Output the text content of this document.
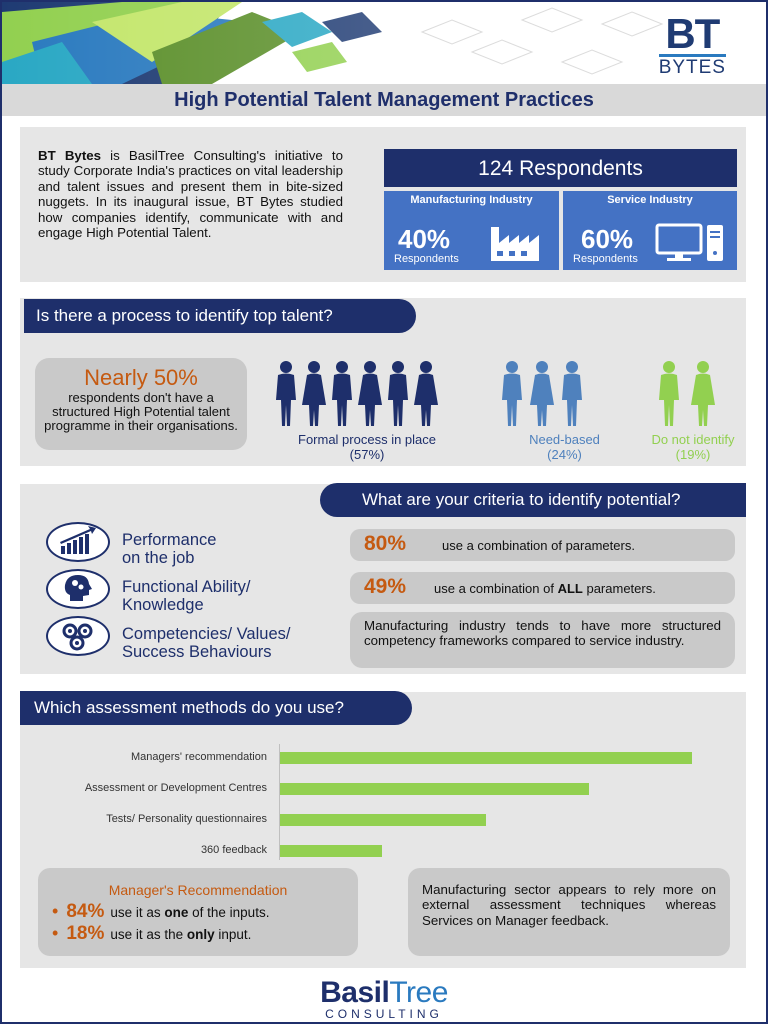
BT
BYTES
High Potential Talent Management Practices
BT Bytes is BasilTree Consulting's initiative to study Corporate India's practices on vital leadership and talent issues and present them in bite-sized nuggets. In its inaugural issue, BT Bytes studied how companies identify, communicate with and engage High Potential Talent.
124 Respondents
Manufacturing Industry
40%
Respondents
Service Industry
60%
Respondents
Is there a process to identify top talent?
Nearly 50%
respondents don't have a structured High Potential talent programme in their organisations.
Formal process in place
(57%)
Need-based
(24%)
Do not identify
(19%)
What are your criteria to identify potential?
Performance
on the job
Functional Ability/
Knowledge
Competencies/ Values/
Success Behaviours
80%	use a combination of parameters.
49% use a combination of ALL parameters.
Manufacturing industry tends to have more structured competency frameworks compared to service industry.
Which assessment methods do you use?
Managers' recommendation
Assessment or Development Centres
Tests/ Personality questionnaires
360 feedback
Manager's Recommendation
• 84% use it as one of the inputs.
• 18% use it as the only input.
Manufacturing sector appears to rely more on external assessment techniques whereas Services on Manager feedback.
BasilTree
CONSULTING
